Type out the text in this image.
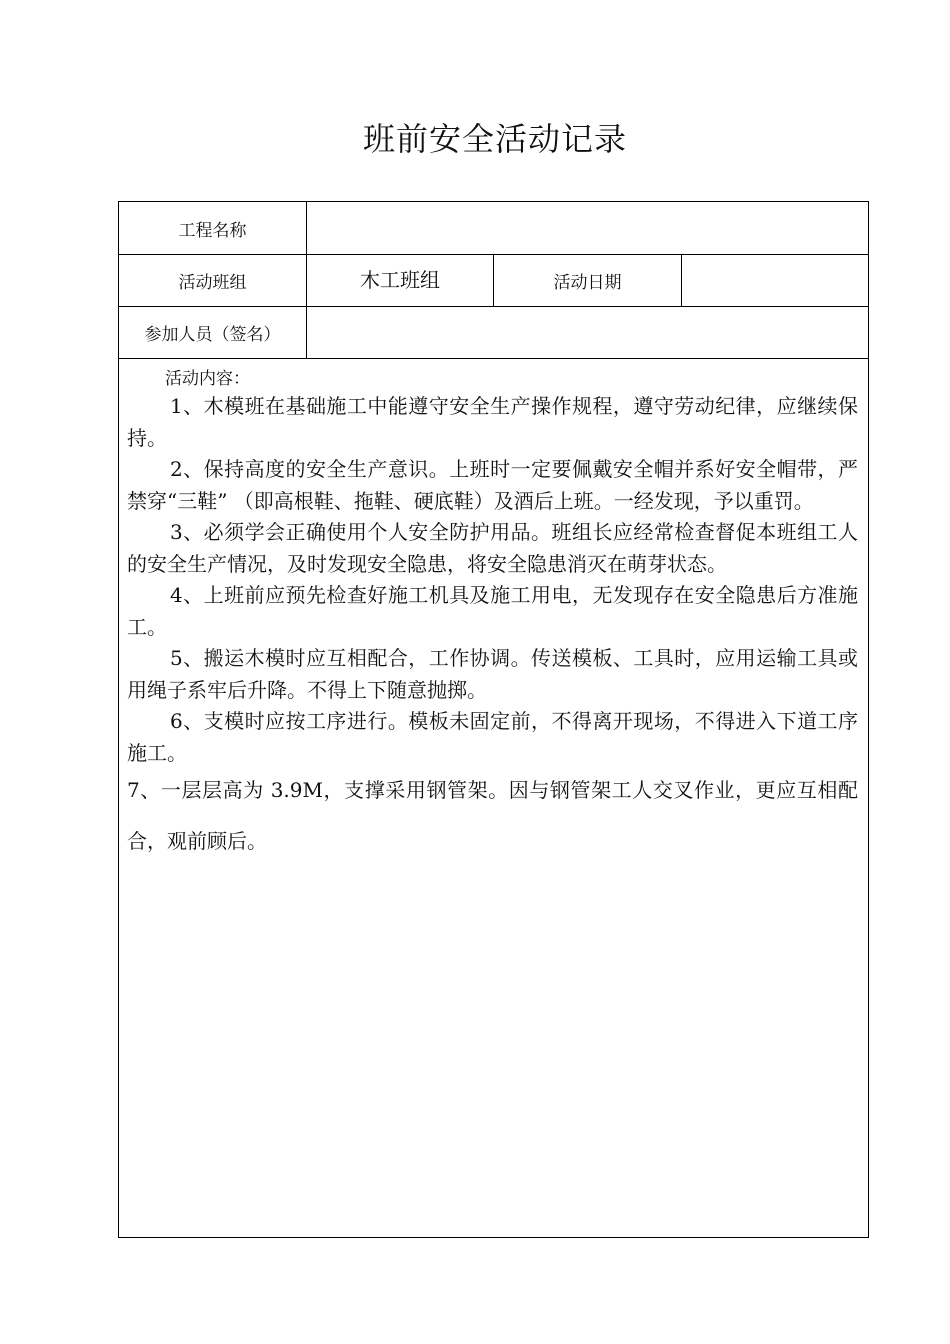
班前安全活动记录
工程名称
活动班组	木工班组	活动日期
参加人员（签名）
活动内容：

1、木模班在基础施工中能遵守安全生产操作规程，遵守劳动纪律，应继续保持。

2、保持高度的安全生产意识。上班时一定要佩戴安全帽并系好安全帽带，严禁穿“三鞋” （即高根鞋、拖鞋、硬底鞋）及酒后上班。一经发现，予以重罚。

3、必须学会正确使用个人安全防护用品。班组长应经常检查督促本班组工人的安全生产情况，及时发现安全隐患，将安全隐患消灭在萌芽状态。

4、上班前应预先检查好施工机具及施工用电，无发现存在安全隐患后方准施工。

5、搬运木模时应互相配合，工作协调。传送模板、工具时，应用运输工具或用绳子系牢后升降。不得上下随意抛掷。

6、支模时应按工序进行。模板未固定前，不得离开现场，不得进入下道工序施工。

7、一层层高为 3.9M，支撑采用钢管架。因与钢管架工人交叉作业，更应互相配合，观前顾后。
